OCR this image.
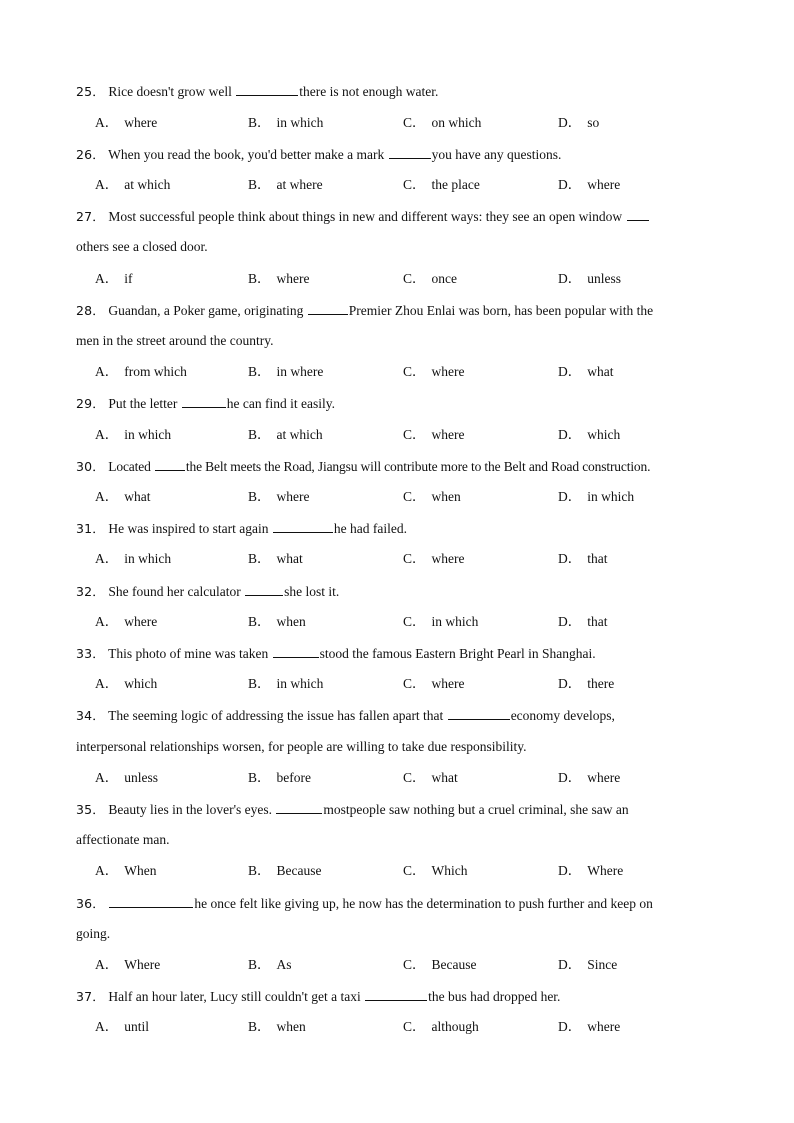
25． Rice doesn't grow well	there is not enough water.
A． where	B． in which	C． on which	D． so
26． When you read the book, you'd better make a mark	you have any questions.
A． at which	B． at where	C． the place	D． where
27． Most successful people think about things in new and different ways: they see an open window
others see a closed door.
A． if	B． where	C． once	D． unless
28． Guandan, a Poker game, originating	Premier Zhou Enlai was born, has been popular with the
men in the street around the country.
A． from which	B． in where	C． where	D． what
29． Put the letter	he can find it easily.
A． in which	B． at which	C． where	D． which
30． Located the Belt meets the Road, Jiangsu will contribute more to the Belt and Road construction.
A． what	B． where	C． when	D． in which
31． He was inspired to start again	he had failed.
A． in which	B． what	C． where	D． that
32． She found her calculator	she lost it.
A． where	B． when	C． in which	D． that
33． This photo of mine was taken	stood the famous Eastern Bright Pearl in Shanghai.
A． which	B． in which	C． where	D． there
34． The seeming logic of addressing the issue has fallen apart that	economy develops,
interpersonal relationships worsen, for people are willing to take due responsibility.
A． unless	B． before	C． what	D． where
35． Beauty lies in the lover's eyes.	mostpeople saw nothing but a cruel criminal, she saw an
affectionate man.
A． When	B． Because	C． Which	D． Where
36．	he once felt like giving up, he now has the determination to push further and keep on
going.
A． Where	B． As	C． Because	D． Since
37． Half an hour later, Lucy still couldn't get a taxi	the bus had dropped her.
A． until	B． when	C． although	D． where
